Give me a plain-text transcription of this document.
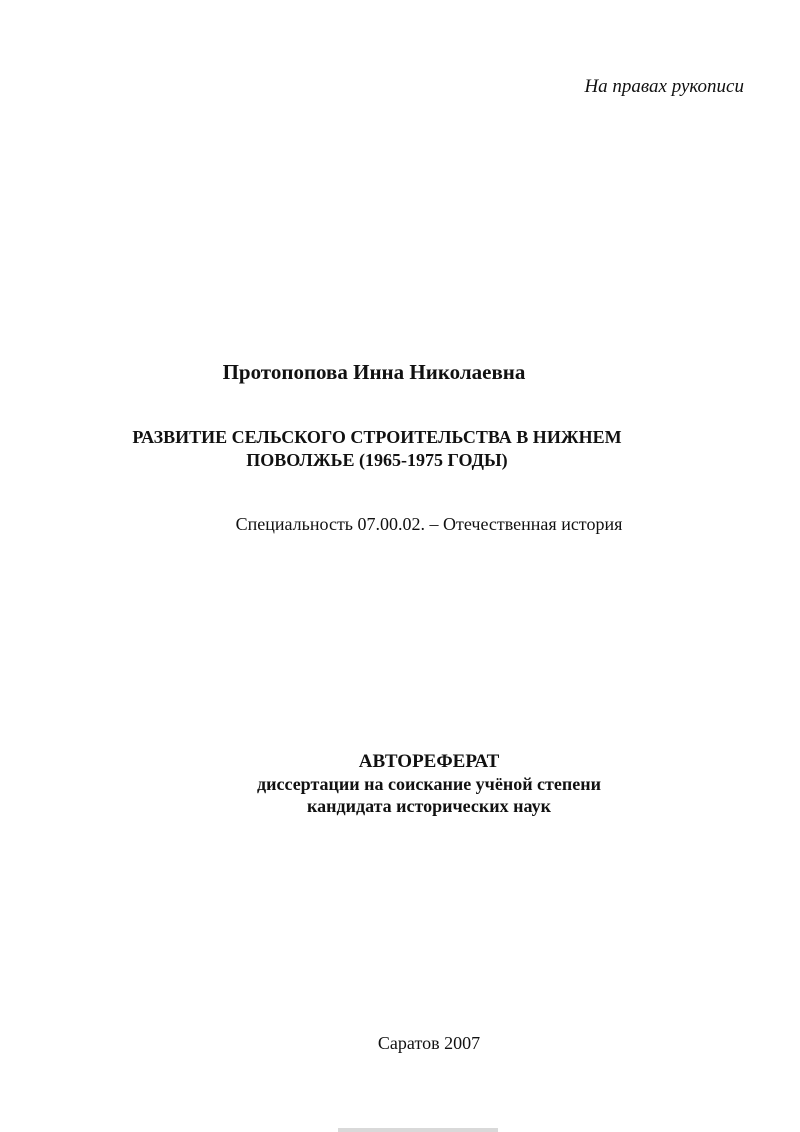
На правах рукописи
Протопопова Инна Николаевна
РАЗВИТИЕ СЕЛЬСКОГО СТРОИТЕЛЬСТВА В НИЖНЕМ
ПОВОЛЖЬЕ (1965-1975 ГОДЫ)
Специальность 07.00.02. – Отечественная история
АВТОРЕФЕРАТ
диссертации на соискание учёной степени
кандидата исторических наук
Саратов 2007
